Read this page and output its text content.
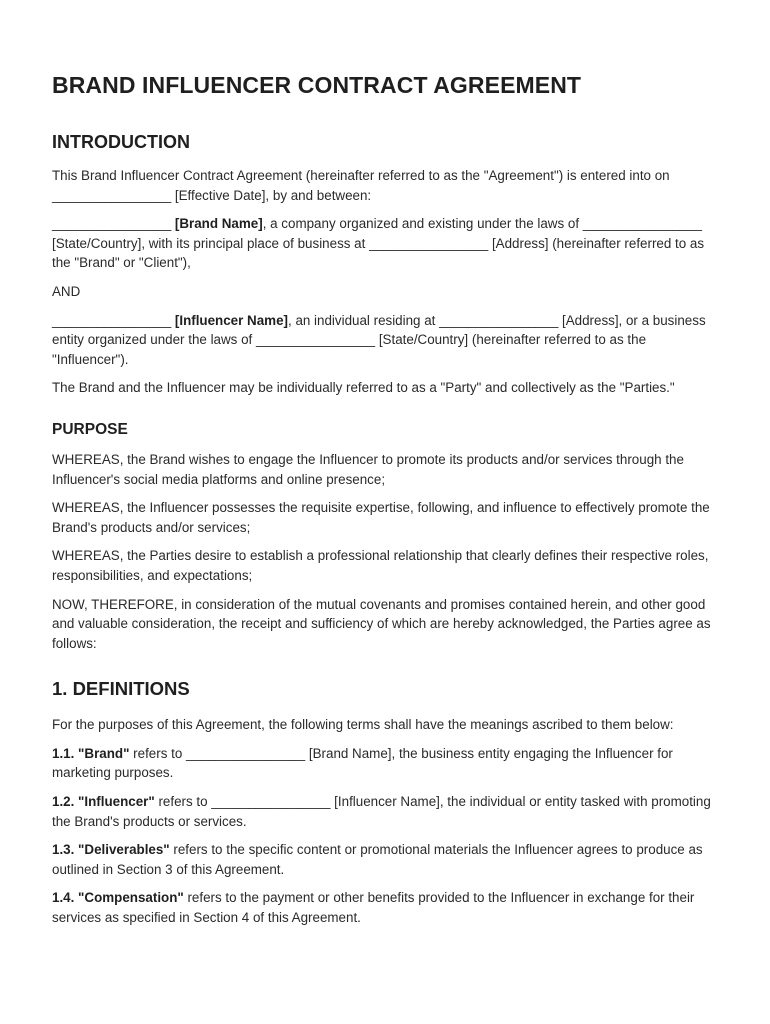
BRAND INFLUENCER CONTRACT AGREEMENT
INTRODUCTION

This Brand Influencer Contract Agreement (hereinafter referred to as the "Agreement") is entered into on ________________ [Effective Date], by and between:

________________ [Brand Name], a company organized and existing under the laws of ________________ [State/Country], with its principal place of business at ________________ [Address] (hereinafter referred to as the "Brand" or "Client"),

AND

________________ [Influencer Name], an individual residing at ________________ [Address], or a business entity organized under the laws of ________________ [State/Country] (hereinafter referred to as the "Influencer").

The Brand and the Influencer may be individually referred to as a "Party" and collectively as the "Parties."

PURPOSE

WHEREAS, the Brand wishes to engage the Influencer to promote its products and/or services through the Influencer's social media platforms and online presence;

WHEREAS, the Influencer possesses the requisite expertise, following, and influence to effectively promote the Brand's products and/or services;

WHEREAS, the Parties desire to establish a professional relationship that clearly defines their respective roles, responsibilities, and expectations;

NOW, THEREFORE, in consideration of the mutual covenants and promises contained herein, and other good and valuable consideration, the receipt and sufficiency of which are hereby acknowledged, the Parties agree as follows:

1. DEFINITIONS

For the purposes of this Agreement, the following terms shall have the meanings ascribed to them below:

1.1. "Brand" refers to ________________ [Brand Name], the business entity engaging the Influencer for marketing purposes.

1.2. "Influencer" refers to ________________ [Influencer Name], the individual or entity tasked with promoting the Brand's products or services.

1.3. "Deliverables" refers to the specific content or promotional materials the Influencer agrees to produce as outlined in Section 3 of this Agreement.

1.4. "Compensation" refers to the payment or other benefits provided to the Influencer in exchange for their services as specified in Section 4 of this Agreement.
